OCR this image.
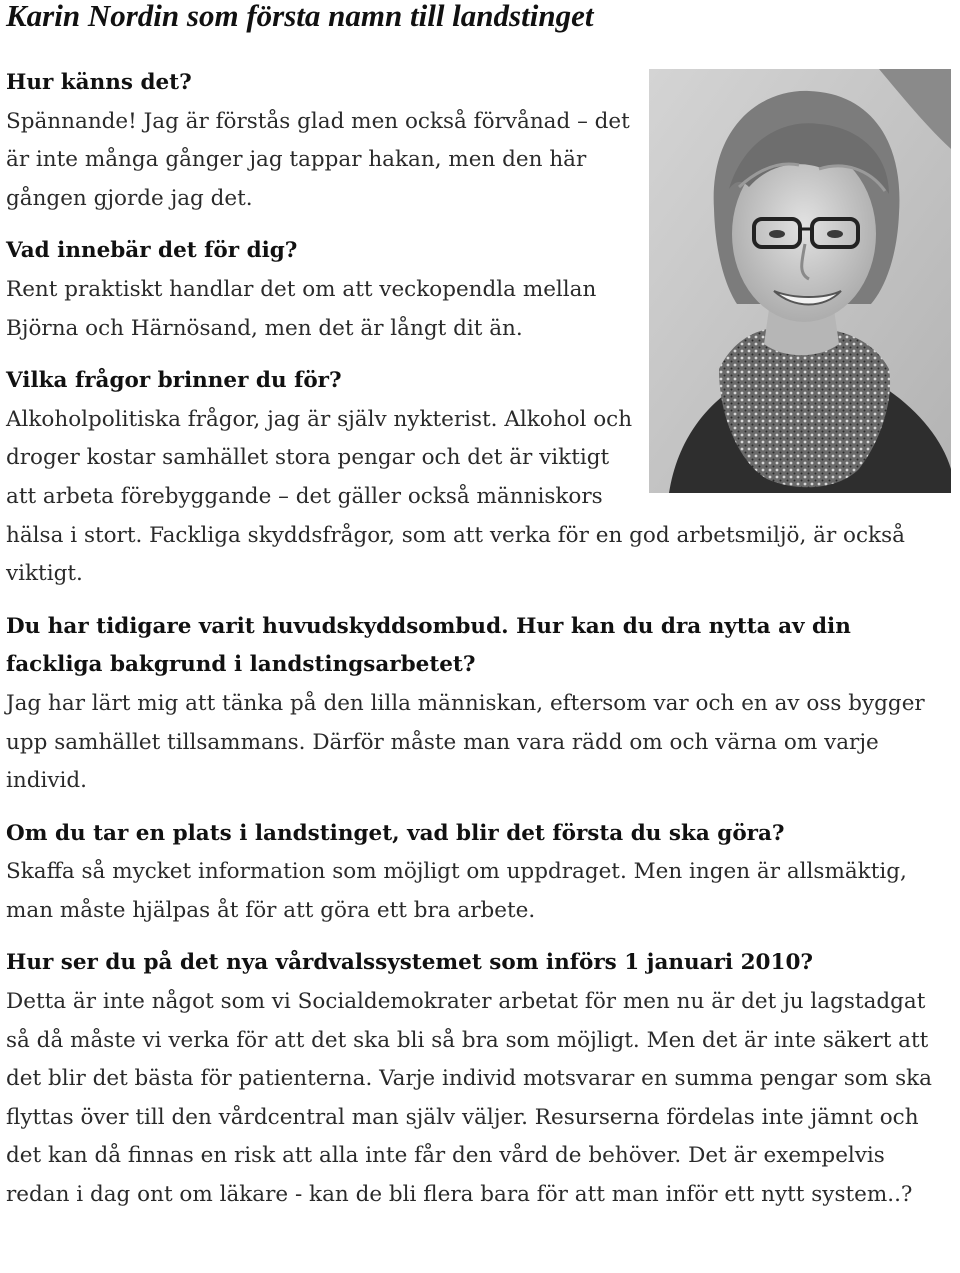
Karin Nordin som första namn till landstinget

Hur känns det?

Spännande! Jag är förstås glad men också förvånad – det är inte många gånger jag tappar hakan, men den här gången gjorde jag det.

Vad innebär det för dig?

Rent praktiskt handlar det om att veckopendla mellan Björna och Härnösand, men det är långt dit än.

Vilka frågor brinner du för?

Alkoholpolitiska frågor, jag är själv nykterist. Alkohol och droger kostar samhället stora pengar och det är viktigt att arbeta förebyggande – det gäller också människors hälsa i stort. Fackliga skyddsfrågor, som att verka för en god arbetsmiljö, är också viktigt.

Du har tidigare varit huvudskyddsombud. Hur kan du dra nytta av din fackliga bakgrund i landstingsarbetet?

Jag har lärt mig att tänka på den lilla människan, eftersom var och en av oss bygger upp samhället tillsammans. Därför måste man vara rädd om och värna om varje individ.

Om du tar en plats i landstinget, vad blir det första du ska göra?

Skaffa så mycket information som möjligt om uppdraget. Men ingen är allsmäktig, man måste hjälpas åt för att göra ett bra arbete.

Hur ser du på det nya vårdvalssystemet som införs 1 januari 2010?

Detta är inte något som vi Socialdemokrater arbetat för men nu är det ju lagstadgat så då måste vi verka för att det ska bli så bra som möjligt. Men det är inte säkert att det blir det bästa för patienterna. Varje individ motsvarar en summa pengar som ska flyttas över till den vårdcentral man själv väljer. Resurserna fördelas inte jämnt och det kan då finnas en risk att alla inte får den vård de behöver. Det är exempelvis redan i dag ont om läkare - kan de bli flera bara för att man inför ett nytt system..?
